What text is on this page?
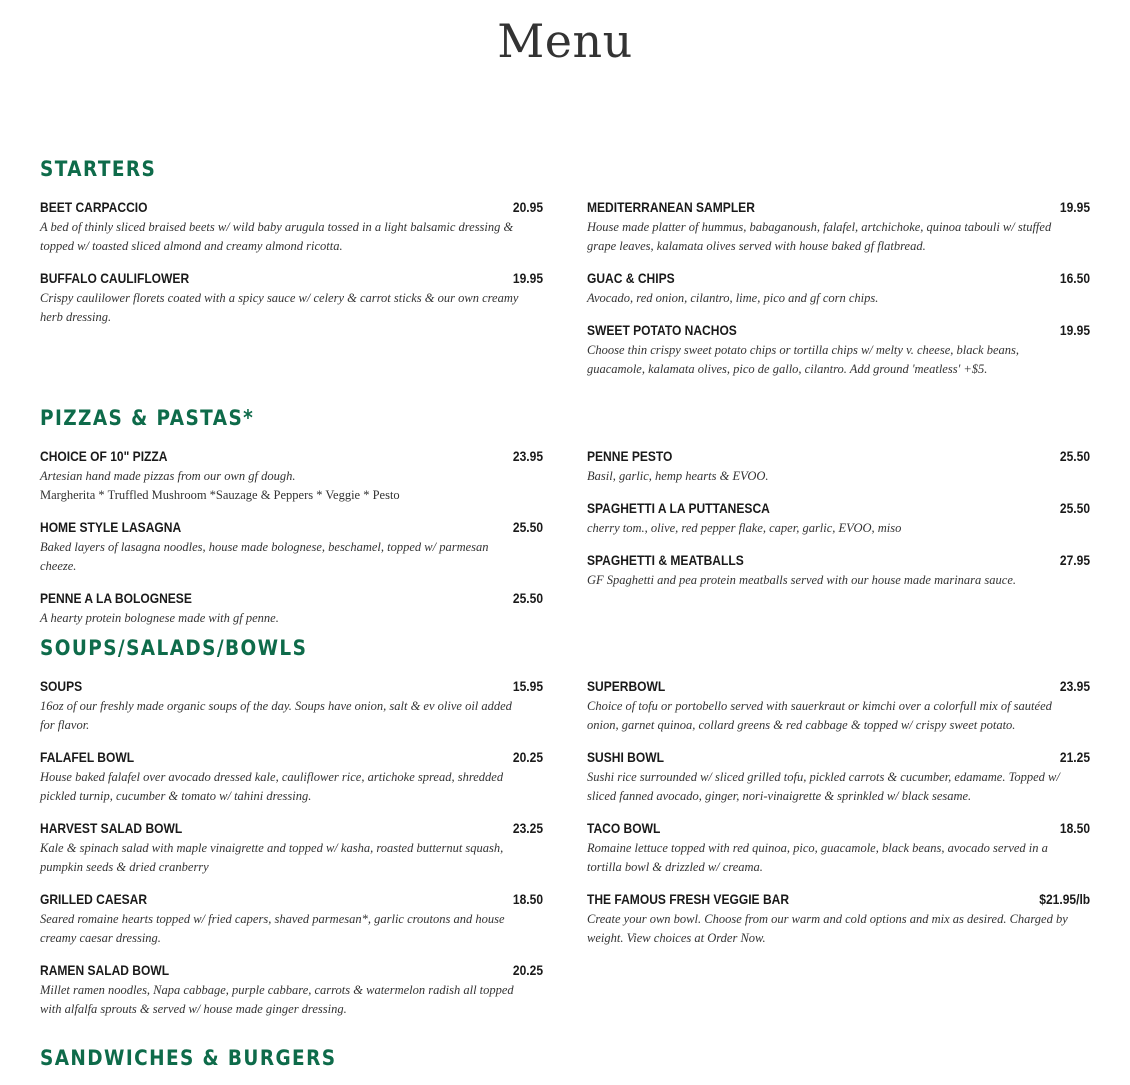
Menu
STARTERS
BEET CARPACCIO	20.95
A bed of thinly sliced braised beets w/ wild baby arugula tossed in a light balsamic dressing & topped w/ toasted sliced almond and creamy almond ricotta.
BUFFALO CAULIFLOWER	19.95
Crispy caulilower florets coated with a spicy sauce w/ celery & carrot sticks & our own creamy herb dressing.
MEDITERRANEAN SAMPLER	19.95
House made platter of hummus, babaganoush, falafel, artchichoke, quinoa tabouli w/ stuffed grape leaves, kalamata olives served with house baked gf flatbread.
GUAC & CHIPS	16.50
Avocado, red onion, cilantro, lime, pico and gf corn chips.
SWEET POTATO NACHOS	19.95
Choose thin crispy sweet potato chips or tortilla chips w/ melty v. cheese, black beans, guacamole, kalamata olives, pico de gallo, cilantro. Add ground 'meatless' +$5.
PIZZAS & PASTAS*
CHOICE OF 10" PIZZA	23.95
Artesian hand made pizzas from our own gf dough.
Margherita * Truffled Mushroom *Sauzage & Peppers * Veggie * Pesto
HOME STYLE LASAGNA	25.50
Baked layers of lasagna noodles, house made bolognese, beschamel, topped w/ parmesan cheeze.
PENNE A LA BOLOGNESE	25.50
A hearty protein bolognese made with gf penne.
PENNE PESTO	25.50
Basil, garlic, hemp hearts & EVOO.
SPAGHETTI A LA PUTTANESCA	25.50
cherry tom., olive, red pepper flake, caper, garlic, EVOO, miso
SPAGHETTI & MEATBALLS	27.95
GF Spaghetti and pea protein meatballs served with our house made marinara sauce.
SOUPS/SALADS/BOWLS
SOUPS	15.95
16oz of our freshly made organic soups of the day. Soups have onion, salt & ev olive oil added for flavor.
FALAFEL BOWL	20.25
House baked falafel over avocado dressed kale, cauliflower rice, artichoke spread, shredded pickled turnip, cucumber & tomato w/ tahini dressing.
HARVEST SALAD BOWL	23.25
Kale & spinach salad with maple vinaigrette and topped w/ kasha, roasted butternut squash, pumpkin seeds & dried cranberry
GRILLED CAESAR	18.50
Seared romaine hearts topped w/ fried capers, shaved parmesan*, garlic croutons and house creamy caesar dressing.
RAMEN SALAD BOWL	20.25
Millet ramen noodles, Napa cabbage, purple cabbare, carrots & watermelon radish all topped with alfalfa sprouts & served w/ house made ginger dressing.
SUPERBOWL	23.95
Choice of tofu or portobello served with sauerkraut or kimchi over a colorfull mix of sautéed onion, garnet quinoa, collard greens & red cabbage & topped w/ crispy sweet potato.
SUSHI BOWL	21.25
Sushi rice surrounded w/ sliced grilled tofu, pickled carrots & cucumber, edamame. Topped w/ sliced fanned avocado, ginger, nori-vinaigrette & sprinkled w/ black sesame.
TACO BOWL	18.50
Romaine lettuce topped with red quinoa, pico, guacamole, black beans, avocado served in a tortilla bowl & drizzled w/ creama.
THE FAMOUS FRESH VEGGIE BAR	$21.95/lb
Create your own bowl. Choose from our warm and cold options and mix as desired. Charged by weight. View choices at Order Now.
SANDWICHES & BURGERS
